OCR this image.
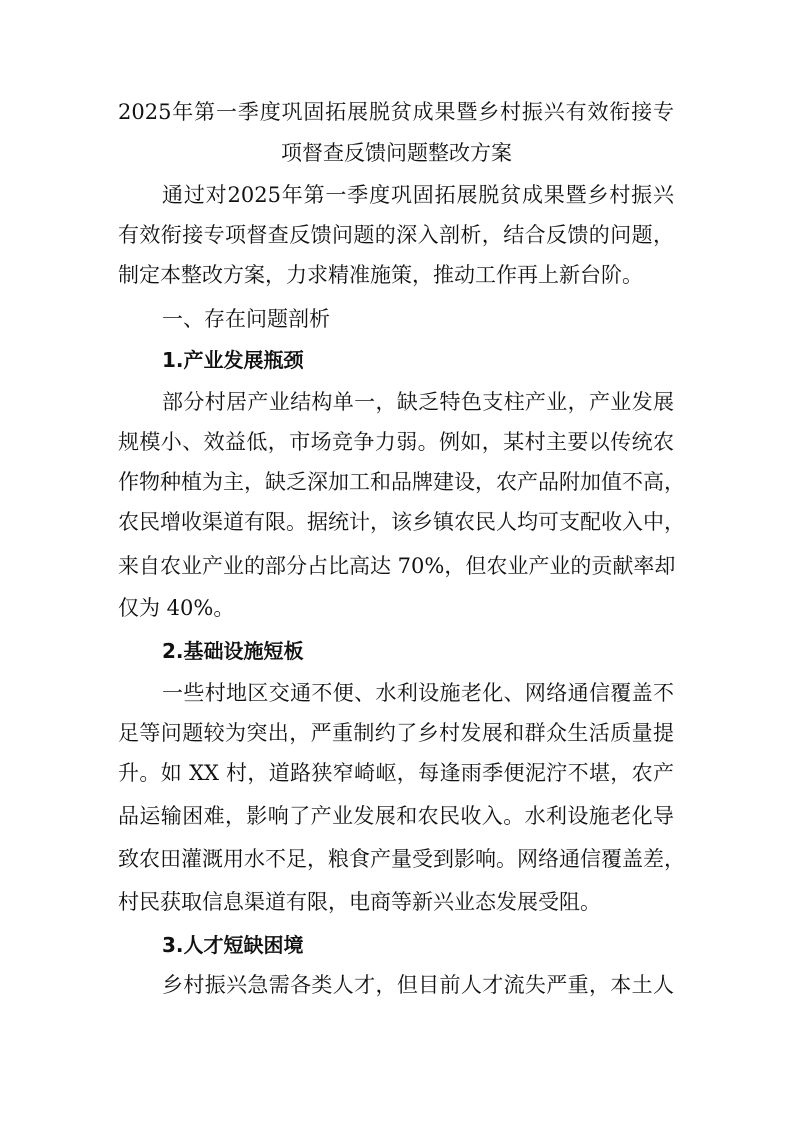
2025年第一季度巩固拓展脱贫成果暨乡村振兴有效衔接专
项督查反馈问题整改方案
通过对2025年第一季度巩固拓展脱贫成果暨乡村振兴
有效衔接专项督查反馈问题的深入剖析，结合反馈的问题，
制定本整改方案，力求精准施策，推动工作再上新台阶。
一、存在问题剖析
1.产业发展瓶颈
部分村居产业结构单一，缺乏特色支柱产业，产业发展
规模小、效益低，市场竞争力弱。例如，某村主要以传统农
作物种植为主，缺乏深加工和品牌建设，农产品附加值不高，
农民增收渠道有限。据统计，该乡镇农民人均可支配收入中，
来自农业产业的部分占比高达 70%，但农业产业的贡献率却
仅为 40%。
2.基础设施短板
一些村地区交通不便、水利设施老化、网络通信覆盖不
足等问题较为突出，严重制约了乡村发展和群众生活质量提
升。如 XX 村，道路狭窄崎岖，每逢雨季便泥泞不堪，农产
品运输困难，影响了产业发展和农民收入。水利设施老化导
致农田灌溉用水不足，粮食产量受到影响。网络通信覆盖差，
村民获取信息渠道有限，电商等新兴业态发展受阻。
3.人才短缺困境
乡村振兴急需各类人才，但目前人才流失严重，本土人
